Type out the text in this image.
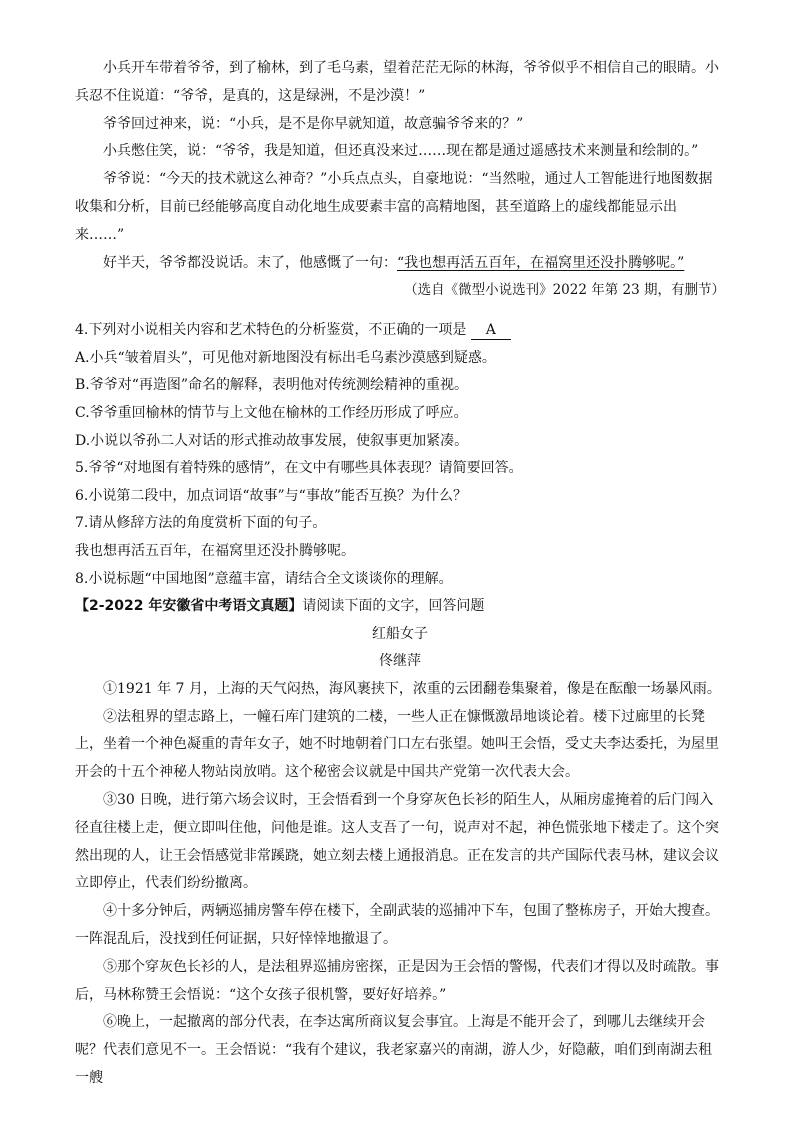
小兵开车带着爷爷，到了榆林，到了毛乌素，望着茫茫无际的林海，爷爷似乎不相信自己的眼睛。小兵忍不住说道：“爷爷，是真的，这是绿洲，不是沙漠！”

爷爷回过神来，说：“小兵，是不是你早就知道，故意骗爷爷来的？”

小兵憋住笑，说：“爷爷，我是知道，但还真没来过……现在都是通过遥感技术来测量和绘制的。”

爷爷说：“今天的技术就这么神奇？”小兵点点头，自豪地说：“当然啦，通过人工智能进行地图数据收集和分析，目前已经能够高度自动化地生成要素丰富的高精地图，甚至道路上的虚线都能显示出来……”

好半天，爷爷都没说话。末了，他感慨了一句：“我也想再活五百年，在福窝里还没扑腾够呢。”

（选自《微型小说选刊》2022 年第 23 期，有删节）

4.下列对小说相关内容和艺术特色的分析鉴赏，不正确的一项是 A

A.小兵“皱着眉头”，可见他对新地图没有标出毛乌素沙漠感到疑惑。

B.爷爷对“再造图”命名的解释，表明他对传统测绘精神的重视。

C.爷爷重回榆林的情节与上文他在榆林的工作经历形成了呼应。

D.小说以爷孙二人对话的形式推动故事发展，使叙事更加紧凑。

5.爷爷“对地图有着特殊的感情”，在文中有哪些具体表现？请简要回答。

6.小说第二段中，加点词语“故事”与“事故”能否互换？为什么？

7.请从修辞方法的角度赏析下面的句子。

我也想再活五百年，在福窝里还没扑腾够呢。

8.小说标题“中国地图”意蕴丰富，请结合全文谈谈你的理解。

【2-2022 年安徽省中考语文真题】请阅读下面的文字，回答问题

红船女子

佟继萍

①1921 年 7 月，上海的天气闷热，海风裹挟下，浓重的云团翻卷集聚着，像是在酝酿一场暴风雨。

②法租界的望志路上，一幢石库门建筑的二楼，一些人正在慷慨激昂地谈论着。楼下过廊里的长凳上，坐着一个神色凝重的青年女子，她不时地朝着门口左右张望。她叫王会悟，受丈夫李达委托，为屋里开会的十五个神秘人物站岗放哨。这个秘密会议就是中国共产党第一次代表大会。

③30 日晚，进行第六场会议时，王会悟看到一个身穿灰色长衫的陌生人，从厢房虚掩着的后门闯入径直往楼上走，便立即叫住他，问他是谁。这人支吾了一句，说声对不起，神色慌张地下楼走了。这个突然出现的人，让王会悟感觉非常蹊跷，她立刻去楼上通报消息。正在发言的共产国际代表马林，建议会议立即停止，代表们纷纷撤离。

④十多分钟后，两辆巡捕房警车停在楼下，全副武装的巡捕冲下车，包围了整栋房子，开始大搜查。一阵混乱后，没找到任何证据，只好悻悻地撤退了。

⑤那个穿灰色长衫的人，是法租界巡捕房密探，正是因为王会悟的警惕，代表们才得以及时疏散。事后，马林称赞王会悟说：“这个女孩子很机警，要好好培养。”

⑥晚上，一起撤离的部分代表，在李达寓所商议复会事宜。上海是不能开会了，到哪儿去继续开会呢？代表们意见不一。王会悟说：“我有个建议，我老家嘉兴的南湖，游人少，好隐蔽，咱们到南湖去租一艘
